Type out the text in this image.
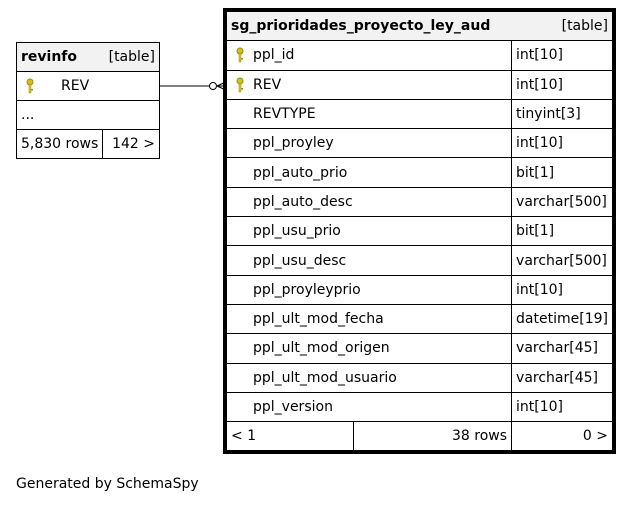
revinfo [table]

REV
...
5,830 rows	142 >
sg_prioridades_proyecto_ley_aud [table]		

ppl_id		int[10]

REV		int[10]
REVTYPE		tinyint[3]
ppl_proyley		int[10]
ppl_auto_prio		bit[1]
ppl_auto_desc		varchar[500]
ppl_usu_prio		bit[1]
ppl_usu_desc		varchar[500]
ppl_proyleyprio		int[10]
ppl_ult_mod_fecha		datetime[19]
ppl_ult_mod_origen		varchar[45]
ppl_ult_mod_usuario		varchar[45]
ppl_version		int[10]
< 1	38 rows	0 >
Generated by SchemaSpy
